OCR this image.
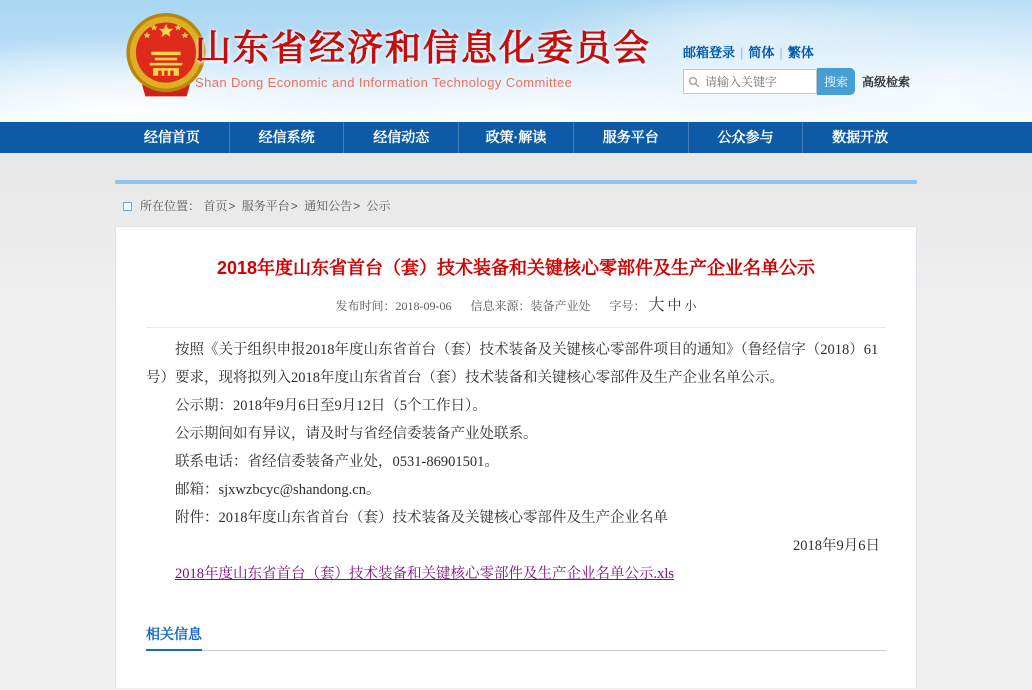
山东省经济和信息化委员会
Shan Dong Economic and Information Technology Committee
邮箱登录 | 简体 | 繁体
请输入关键字
搜索	高级检索
经信首页	经信系统	经信动态	政策·解读	服务平台	公众参与	数据开放
所在位置： 首页> 服务平台> 通知公告> 公示
2018年度山东省首台（套）技术装备和关键核心零部件及生产企业名单公示
发布时间：2018-09-06 信息来源：装备产业处 字号： 大 中 小

按照《关于组织申报2018年度山东省首台（套）技术装备及关键核心零部件项目的通知》（鲁经信字（2018）61号）要求，现将拟列入2018年度山东省首台（套）技术装备和关键核心零部件及生产企业名单公示。

公示期：2018年9月6日至9月12日（5个工作日）。

公示期间如有异议，请及时与省经信委装备产业处联系。

联系电话：省经信委装备产业处，0531-86901501。

邮箱：sjxwzbcyc@shandong.cn。

附件：2018年度山东省首台（套）技术装备及关键核心零部件及生产企业名单

2018年9月6日

2018年度山东省首台（套）技术装备和关键核心零部件及生产企业名单公示.xls

相关信息
